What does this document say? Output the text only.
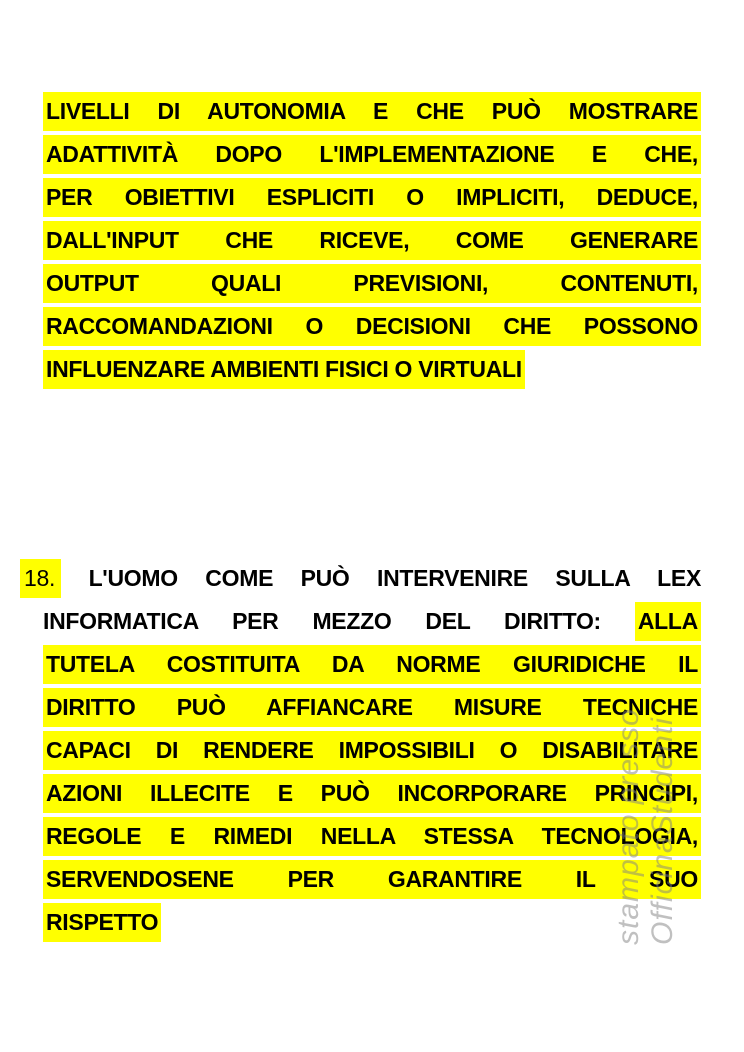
LIVELLI DI AUTONOMIA E CHE PUÒ MOSTRARE
ADATTIVITÀ DOPO L'IMPLEMENTAZIONE E CHE,
PER OBIETTIVI ESPLICITI O IMPLICITI, DEDUCE,
DALL'INPUT CHE RICEVE, COME GENERARE
OUTPUT QUALI PREVISIONI, CONTENUTI,
RACCOMANDAZIONI O DECISIONI CHE POSSONO
INFLUENZARE AMBIENTI FISICI O VIRTUALI
18. L'UOMO COME PUÒ INTERVENIRE SULLA LEX
INFORMATICA PER MEZZO DEL DIRITTO: ALLA
TUTELA COSTITUITA DA NORME GIURIDICHE IL
DIRITTO PUÒ AFFIANCARE MISURE TECNICHE
CAPACI DI RENDERE IMPOSSIBILI O DISABILITARE
AZIONI ILLECITE E PUÒ INCORPORARE PRINCIPI,
REGOLE E RIMEDI NELLA STESSA TECNOLOGIA,
SERVENDOSENE PER GARANTIRE IL SUO
RISPETTO	stampato presso OfficinaStudenti
